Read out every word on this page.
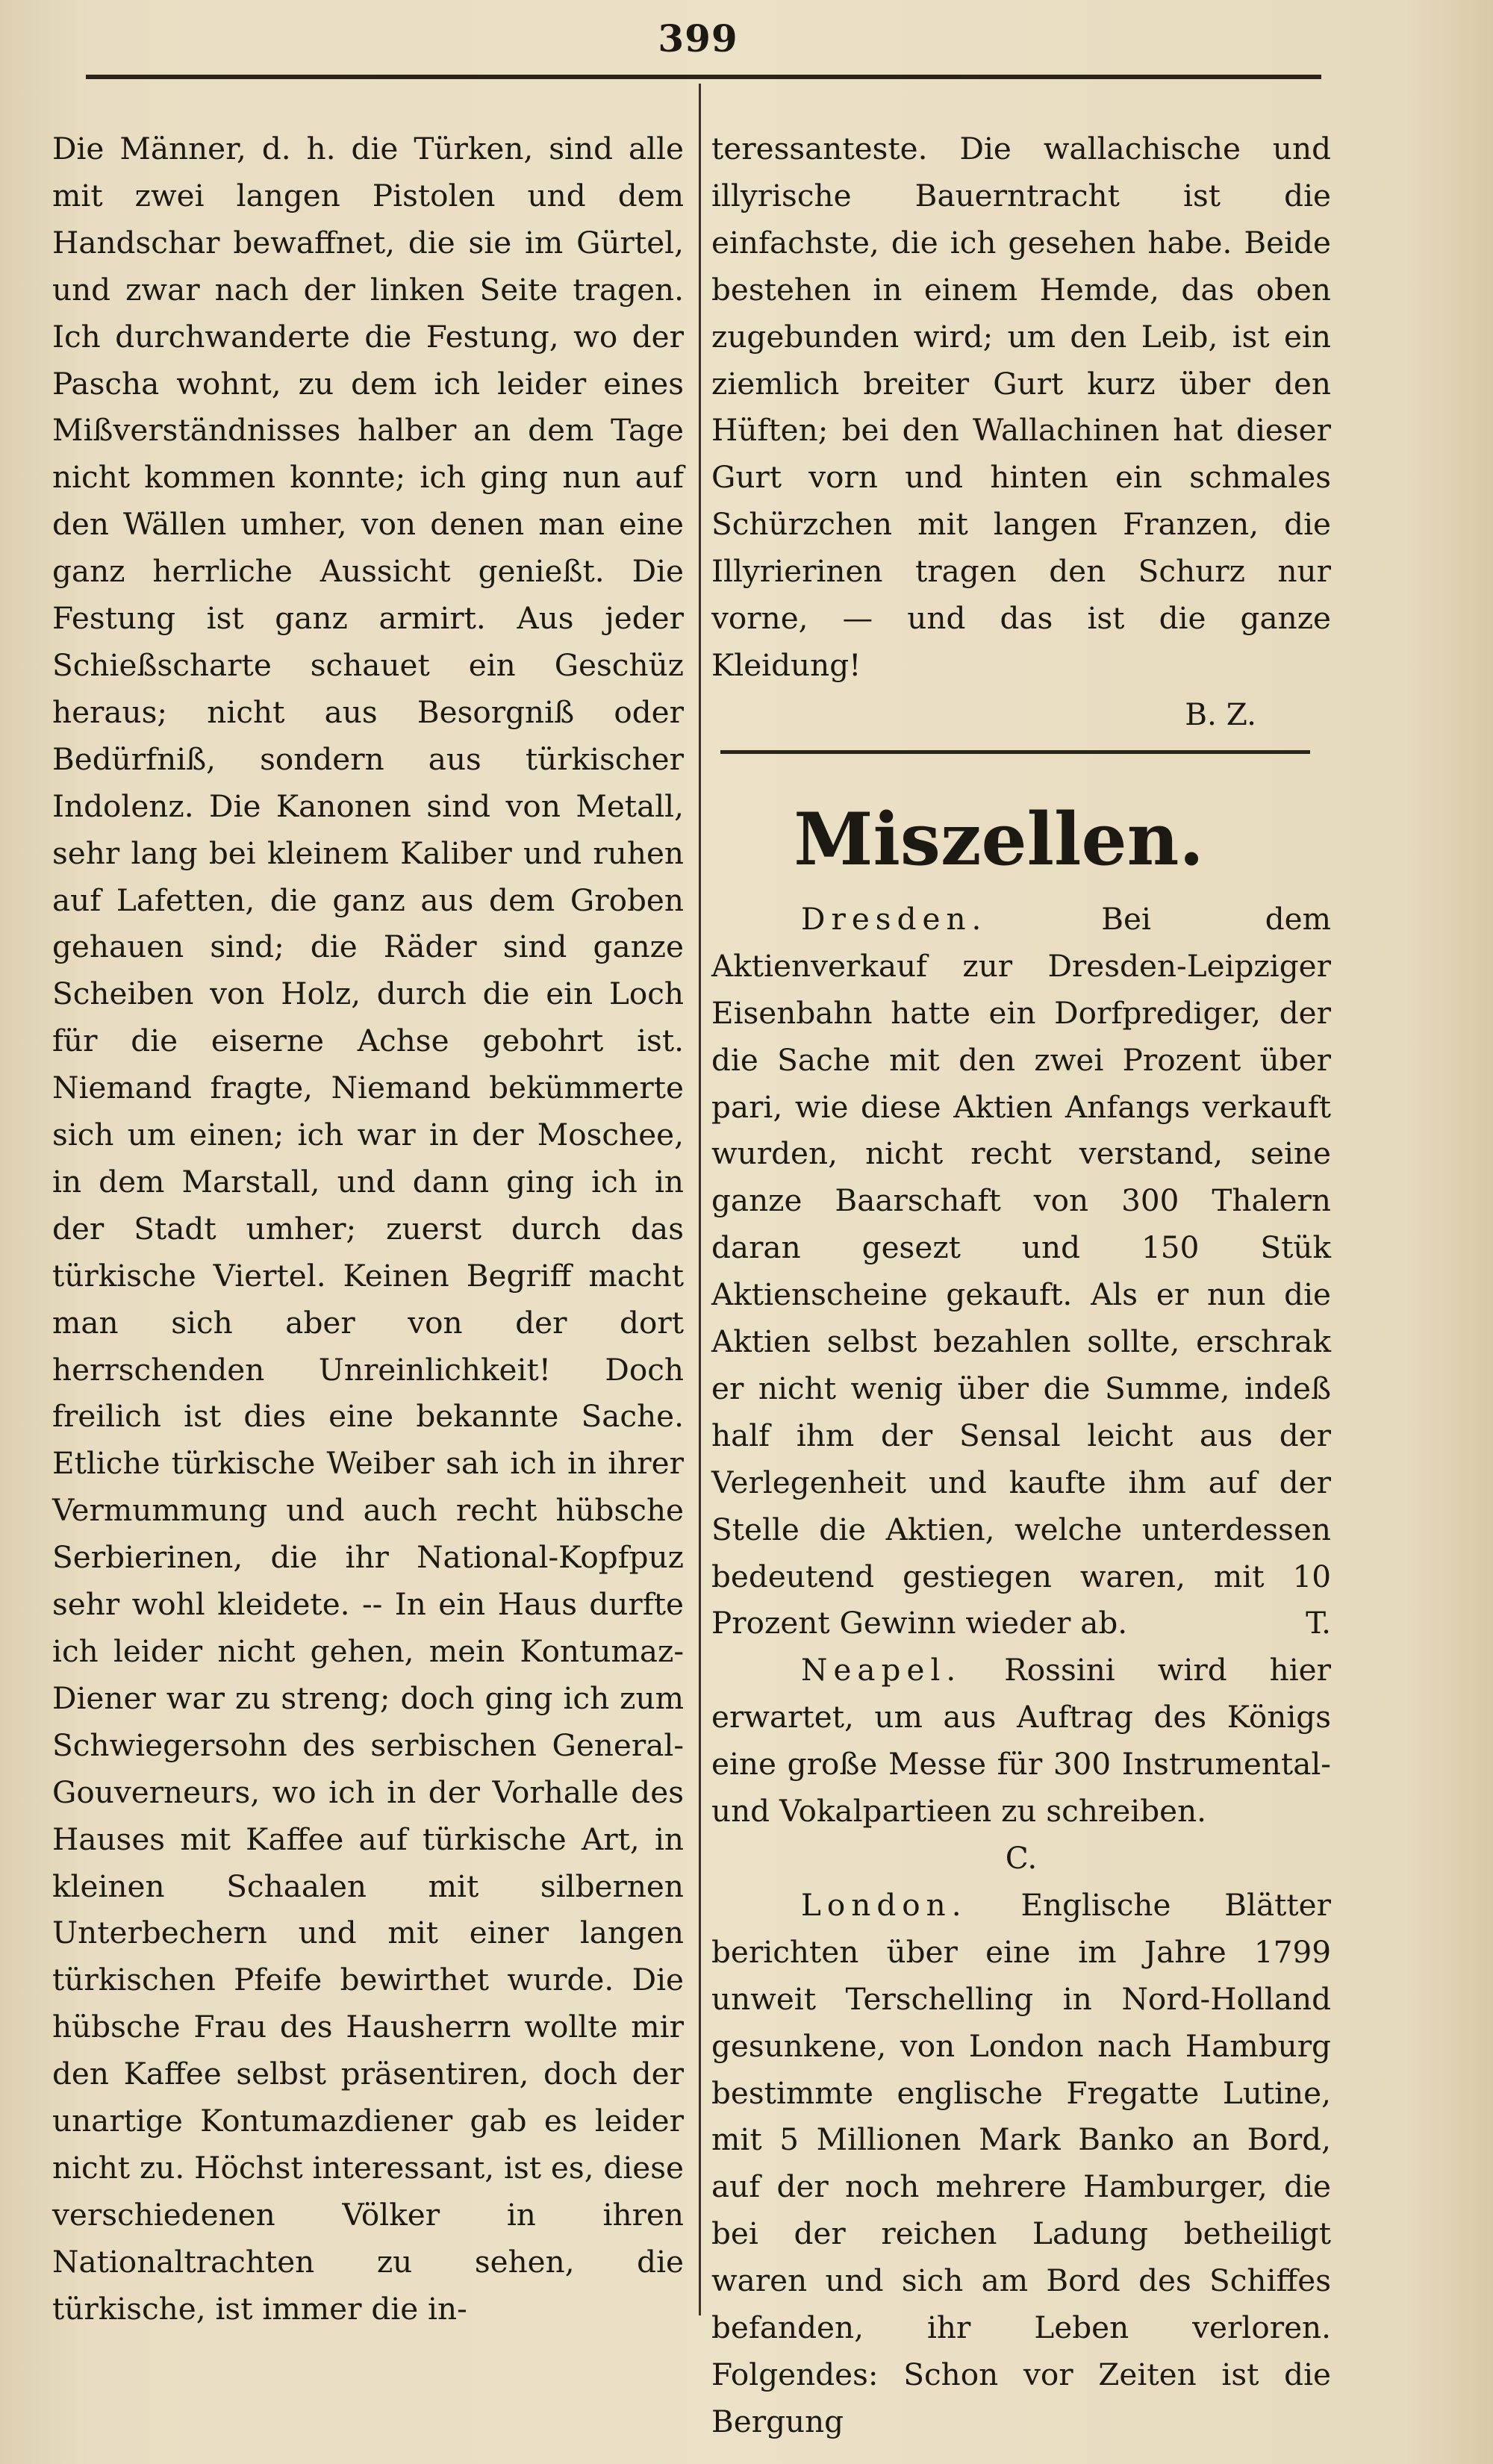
399

Die Männer, d. h. die Türken, sind alle mit zwei langen Pistolen und dem Handschar bewaffnet, die sie im Gürtel, und zwar nach der linken Seite tragen. Ich durchwanderte die Festung, wo der Pascha wohnt, zu dem ich leider eines Mißverständnisses halber an dem Tage nicht kommen konnte; ich ging nun auf den Wällen umher, von denen man eine ganz herrliche Aussicht genießt. Die Festung ist ganz armirt. Aus jeder Schießscharte schauet ein Geschüz heraus; nicht aus Besorgniß oder Bedürfniß, sondern aus türkischer Indolenz. Die Kanonen sind von Metall, sehr lang bei kleinem Kaliber und ruhen auf Lafetten, die ganz aus dem Groben gehauen sind; die Räder sind ganze Scheiben von Holz, durch die ein Loch für die eiserne Achse gebohrt ist. Niemand fragte, Niemand bekümmerte sich um einen; ich war in der Moschee, in dem Marstall, und dann ging ich in der Stadt umher; zuerst durch das türkische Viertel. Keinen Begriff macht man sich aber von der dort herrschenden Unreinlichkeit! Doch freilich ist dies eine bekannte Sache. Etliche türkische Weiber sah ich in ihrer Vermummung und auch recht hübsche Serbierinen, die ihr National-Kopfpuz sehr wohl kleidete. -- In ein Haus durfte ich leider nicht gehen, mein Kontumaz-Diener war zu streng; doch ging ich zum Schwiegersohn des serbischen General-Gouverneurs, wo ich in der Vorhalle des Hauses mit Kaffee auf türkische Art, in kleinen Schaalen mit silbernen Unterbechern und mit einer langen türkischen Pfeife bewirthet wurde. Die hübsche Frau des Hausherrn wollte mir den Kaffee selbst präsentiren, doch der unartige Kontumazdiener gab es leider nicht zu. Höchst interessant, ist es, diese verschiedenen Völker in ihren Nationaltrachten zu sehen, die türkische, ist immer die in-

teressanteste. Die wallachische und illyrische Bauerntracht ist die einfachste, die ich gesehen habe. Beide bestehen in einem Hemde, das oben zugebunden wird; um den Leib, ist ein ziemlich breiter Gurt kurz über den Hüften; bei den Wallachinen hat dieser Gurt vorn und hinten ein schmales Schürzchen mit langen Franzen, die Illyrierinen tragen den Schurz nur vorne, — und das ist die ganze Kleidung!

B. Z.

Miszellen.

Dresden.	Bei dem Aktienverkauf zur Dresden-Leipziger Eisenbahn hatte ein Dorfprediger, der die Sache mit den zwei Prozent über pari, wie diese Aktien Anfangs verkauft wurden, nicht recht verstand, seine ganze Baarschaft von 300 Thalern daran gesezt und 150 Stük Aktienscheine gekauft. Als er nun die Aktien selbst bezahlen sollte, erschrak er nicht wenig über die Summe, indeß half ihm der Sensal leicht aus der Verlegenheit und kaufte ihm auf der Stelle die Aktien, welche unterdessen bedeutend gestiegen waren, mit 10 Prozent Gewinn wieder ab.	T.

Neapel. Rossini wird hier erwartet, um aus Auftrag des Königs eine große Messe für 300 Instrumental- und Vokalpartieen zu schreiben.

C.

London. Englische Blätter berichten über eine im Jahre 1799 unweit Terschelling in Nord-Holland gesunkene, von London nach Hamburg bestimmte englische Fregatte Lutine, mit 5 Millionen Mark Banko an Bord, auf der noch mehrere Hamburger, die bei der reichen Ladung betheiligt waren und sich am Bord des Schiffes befanden, ihr Leben verloren. Folgendes: Schon vor Zeiten ist die Bergung
